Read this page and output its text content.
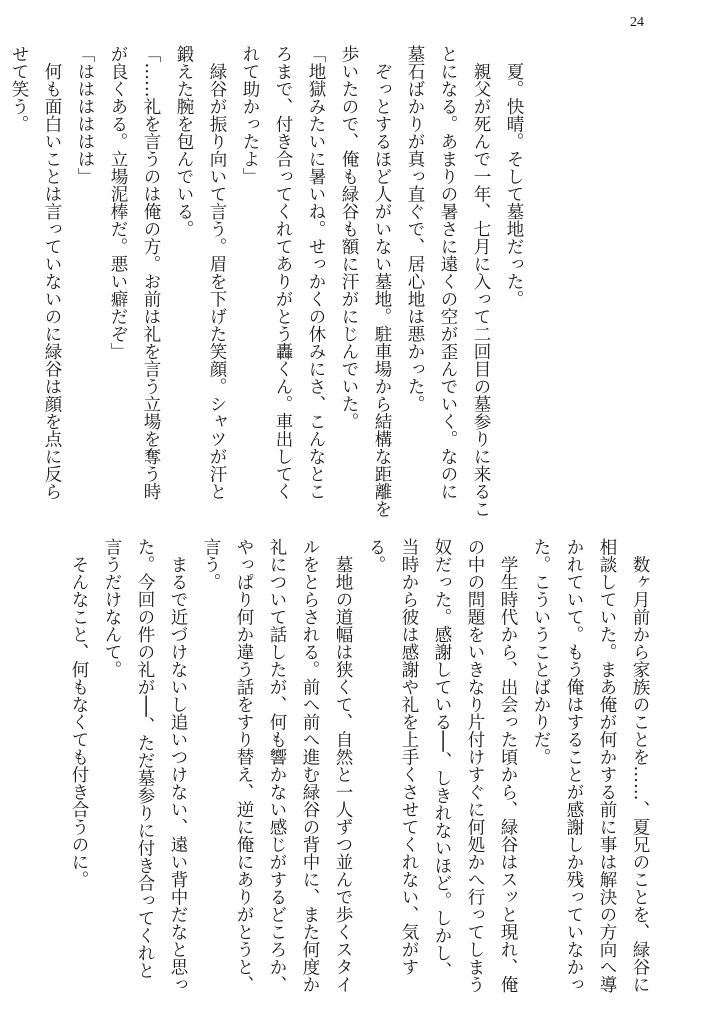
24

　夏。快晴。そして墓地だった。

　親父が死んで一年、七月に入って二回目の墓参りに来るこ

とになる。あまりの暑さに遠くの空が歪んでいく。なのに

墓石ばかりが真っ直ぐで、居心地は悪かった。

　ぞっとするほど人がいない墓地。駐車場から結構な距離を

歩いたので、俺も緑谷も額に汗がにじんでいた。

「地獄みたいに暑いね。せっかくの休みにさ、こんなとこ

ろまで、付き合ってくれてありがとう轟くん。車出してく

れて助かったよ」

　緑谷が振り向いて言う。眉を下げた笑顔。シャツが汗と

鍛えた腕を包んでいる。

「……礼を言うのは俺の方。お前は礼を言う立場を奪う時

が良くある。立場泥棒だ。悪い癖だぞ」

「はははははは」

　何も面白いことは言っていないのに緑谷は顔を点に反ら

せて笑う。

　数ヶ月前から家族のことを……、夏兄のことを、緑谷に

相談していた。まあ俺が何かする前に事は解決の方向へ導

かれていて。もう俺はすることが感謝しか残っていなかっ

た。こういうことばかりだ。

　学生時代から、出会った頃から、緑谷はスッと現れ、俺

の中の問題をいきなり片付けすぐに何処かへ行ってしまう

奴だった。感謝している──、しきれないほど。しかし、

当時から彼は感謝や礼を上手くさせてくれない、気がす

る。

　墓地の道幅は狭くて、自然と一人ずつ並んで歩くスタイ

ルをとらされる。前へ前へ進む緑谷の背中に、また何度か

礼について話したが、何も響かない感じがするどころか、

やっぱり何か違う話をすり替え、逆に俺にありがとうと、

言う。

　まるで近づけないし追いつけない、遠い背中だなと思っ

た。今回の件の礼が──、ただ墓参りに付き合ってくれと

言うだけなんて。

　そんなこと、何もなくても付き合うのに。
